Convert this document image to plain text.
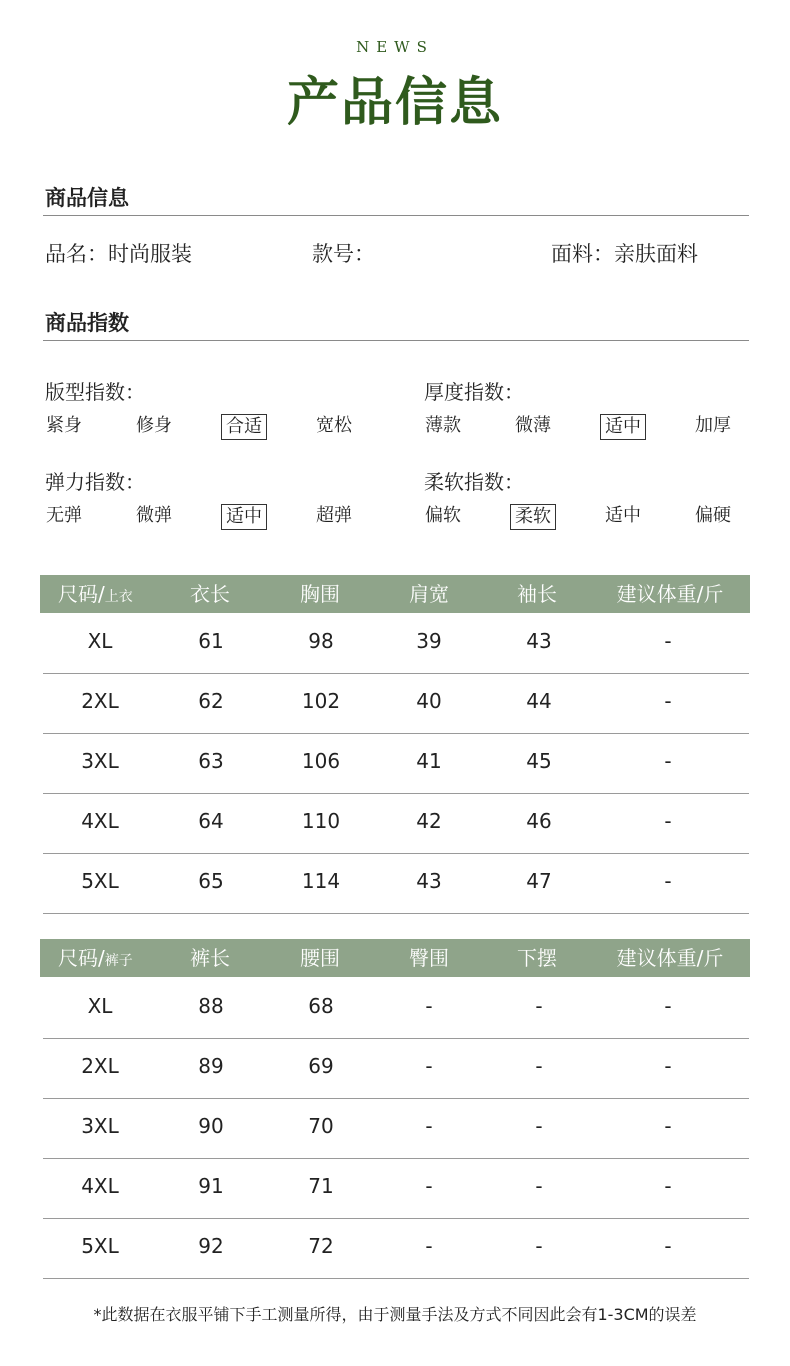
NEWS
产品信息
商品信息
品名：时尚服装	款号：	面料：亲肤面料
商品指数
版型指数：	厚度指数：
弹力指数：	柔软指数：
紧身	修身	合适	宽松	薄款	微薄	适中	加厚
无弹	微弹	适中	超弹	偏软	柔软	适中	偏硬
尺码/上衣	衣长	胸围	肩宽	袖长	建议体重/斤
XL	61	98	39	43	-
2XL	62	102	40	44	-
3XL	63	106	41	45	-
4XL	64	110	42	46	-
5XL	65	114	43	47	-
尺码/裤子	裤长	腰围	臀围	下摆	建议体重/斤
XL	88	68	-	-	-
2XL	89	69	-	-	-
3XL	90	70	-	-	-
4XL	91	71	-	-	-
5XL	92	72	-	-	-
*此数据在衣服平铺下手工测量所得，由于测量手法及方式不同因此会有1-3CM的误差
